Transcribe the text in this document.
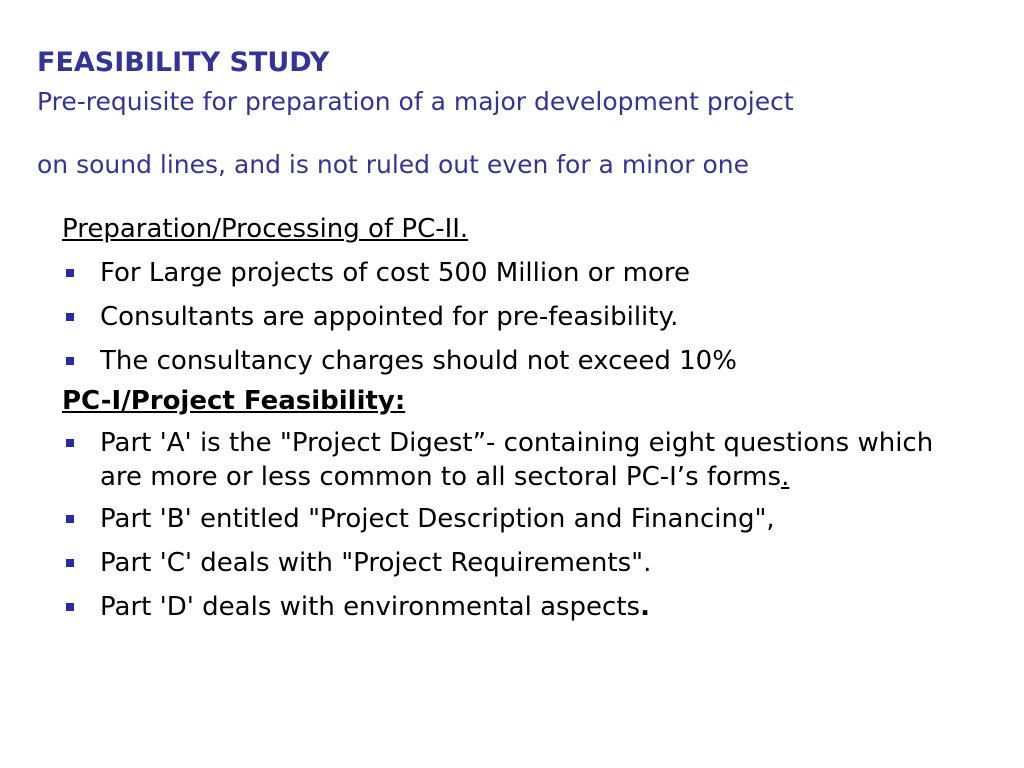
FEASIBILITY STUDY
Pre-requisite for preparation of a major development project
on sound lines, and is not ruled out even for a minor one
Preparation/Processing of PC-II.
For Large projects of cost 500 Million or more
Consultants are appointed for pre-feasibility.
The consultancy charges should not exceed 10%
PC-I/Project Feasibility:
Part 'A' is the "Project Digest”- containing eight questions which are more or less common to all sectoral PC-I’s forms.
Part 'B' entitled "Project Description and Financing",
Part 'C' deals with "Project Requirements".
Part 'D' deals with environmental aspects.
